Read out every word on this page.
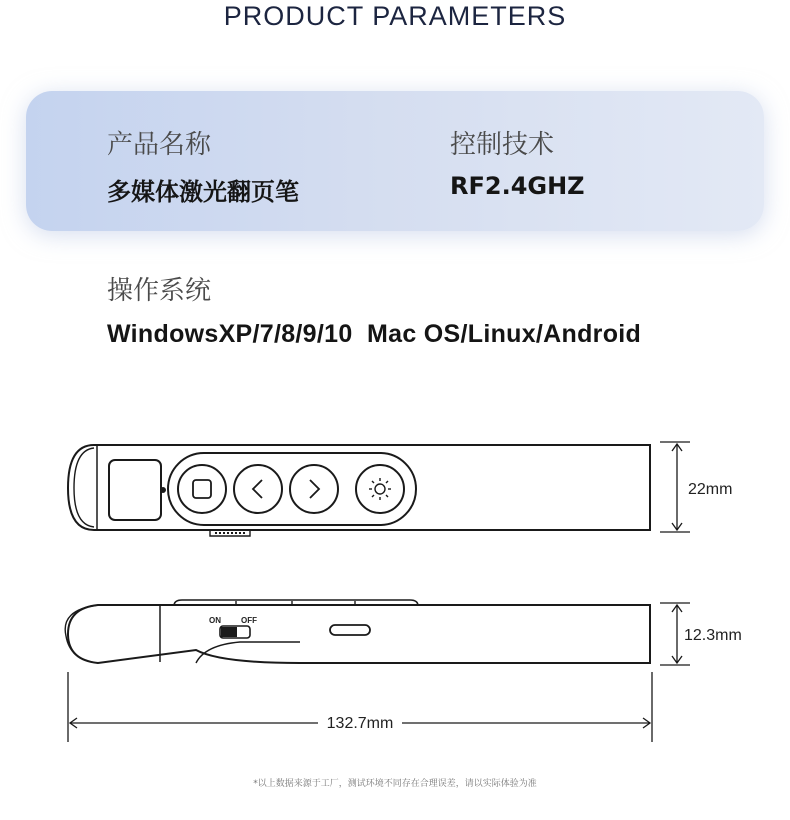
PRODUCT PARAMETERS
产品名称
多媒体激光翻页笔
控制技术
RF2.4GHZ
操作系统
WindowsXP/7/8/9/10  Mac OS/Linux/Android
22mm
ON	OFF
12.3mm
132.7mm
*以上数据来源于工厂，测试环境不同存在合理误差，请以实际体验为准
